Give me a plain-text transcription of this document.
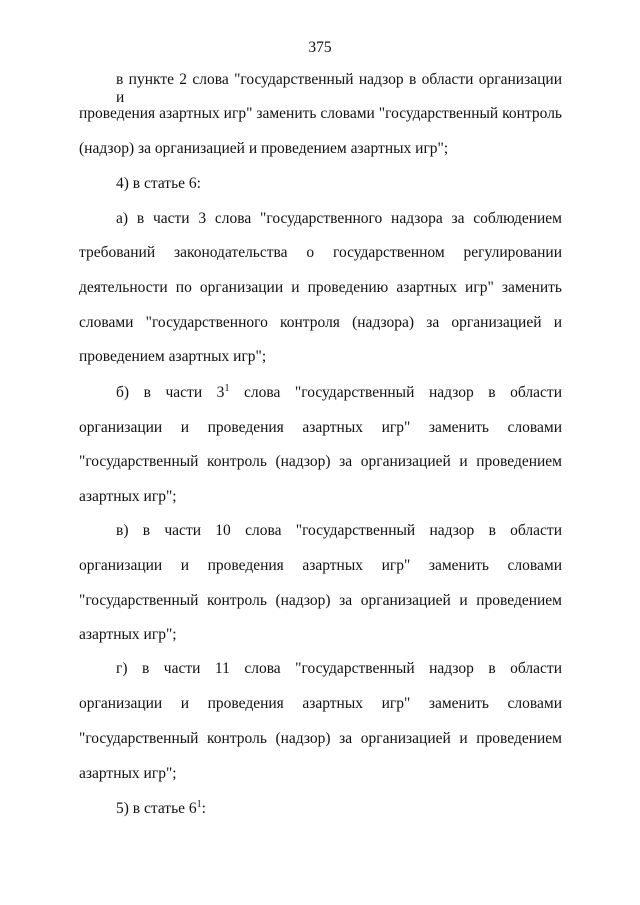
375
в пункте 2 слова "государственный надзор в области организации и
проведения азартных игр" заменить словами "государственный контроль
(надзор) за организацией и проведением азартных игр";
4) в статье 6:
а) в части 3 слова "государственного надзора за соблюдением
требований законодательства о государственном регулировании
деятельности по организации и проведению азартных игр" заменить
словами "государственного контроля (надзора) за организацией и
проведением азартных игр";
б) в части $3^1$ слова "государственный надзор в области
организации и проведения азартных игр" заменить словами
"государственный контроль (надзор) за организацией и проведением
азартных игр";
в) в части 10 слова "государственный надзор в области
организации и проведения азартных игр" заменить словами
"государственный контроль (надзор) за организацией и проведением
азартных игр";
г) в части 11 слова "государственный надзор в области
организации и проведения азартных игр" заменить словами
"государственный контроль (надзор) за организацией и проведением
азартных игр";
5) в статье $6^1$:
